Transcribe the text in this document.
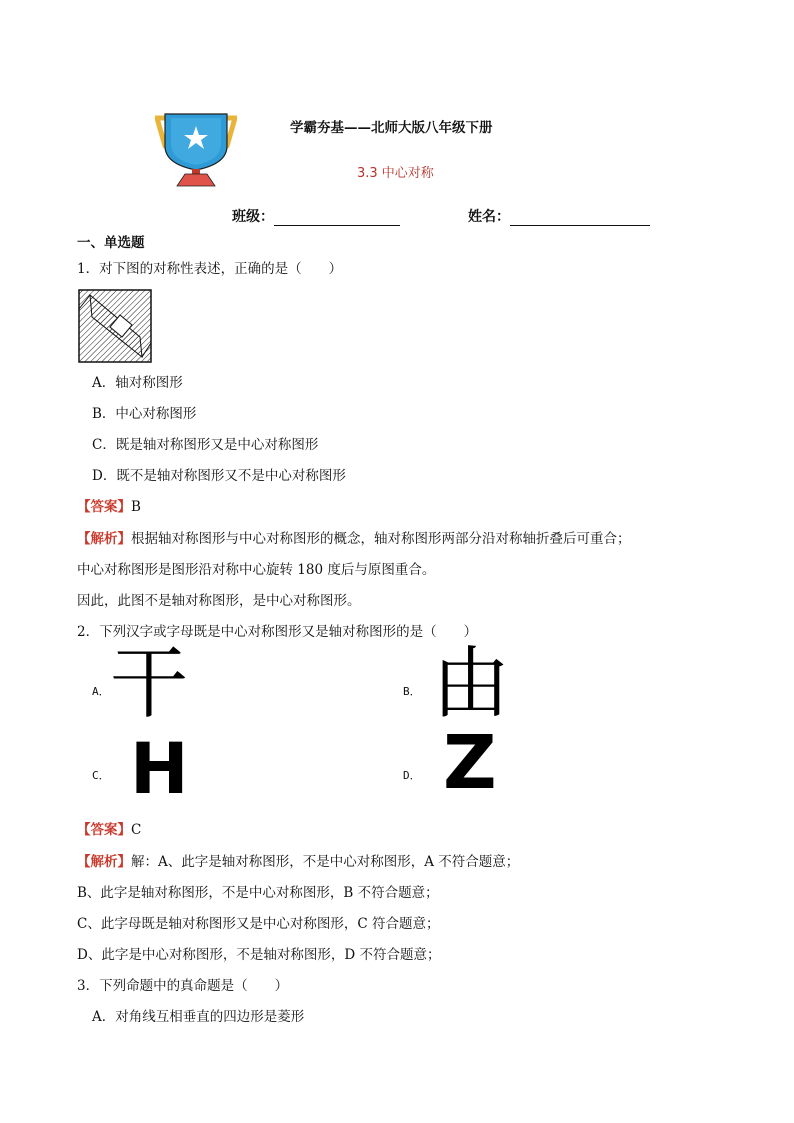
学霸夯基——北师大版八年级下册
3.3 中心对称
班级：	姓名：
一、单选题
1．对下图的对称性表述，正确的是（　　）
A．轴对称图形
B．中心对称图形
C．既是轴对称图形又是中心对称图形
D．既不是轴对称图形又不是中心对称图形
【答案】B
【解析】根据轴对称图形与中心对称图形的概念，轴对称图形两部分沿对称轴折叠后可重合；
中心对称图形是图形沿对称中心旋转 180 度后与原图重合。
因此，此图不是轴对称图形，是中心对称图形。
2．下列汉字或字母既是中心对称图形又是轴对称图形的是（　　）
A． 干	B． 由
C． H	D． Z
【答案】C
【解析】解：A、此字是轴对称图形，不是中心对称图形，A 不符合题意；
B、此字是轴对称图形，不是中心对称图形，B 不符合题意；
C、此字母既是轴对称图形又是中心对称图形，C 符合题意；
D、此字是中心对称图形，不是轴对称图形，D 不符合题意；
3．下列命题中的真命题是（　　）
A．对角线互相垂直的四边形是菱形
